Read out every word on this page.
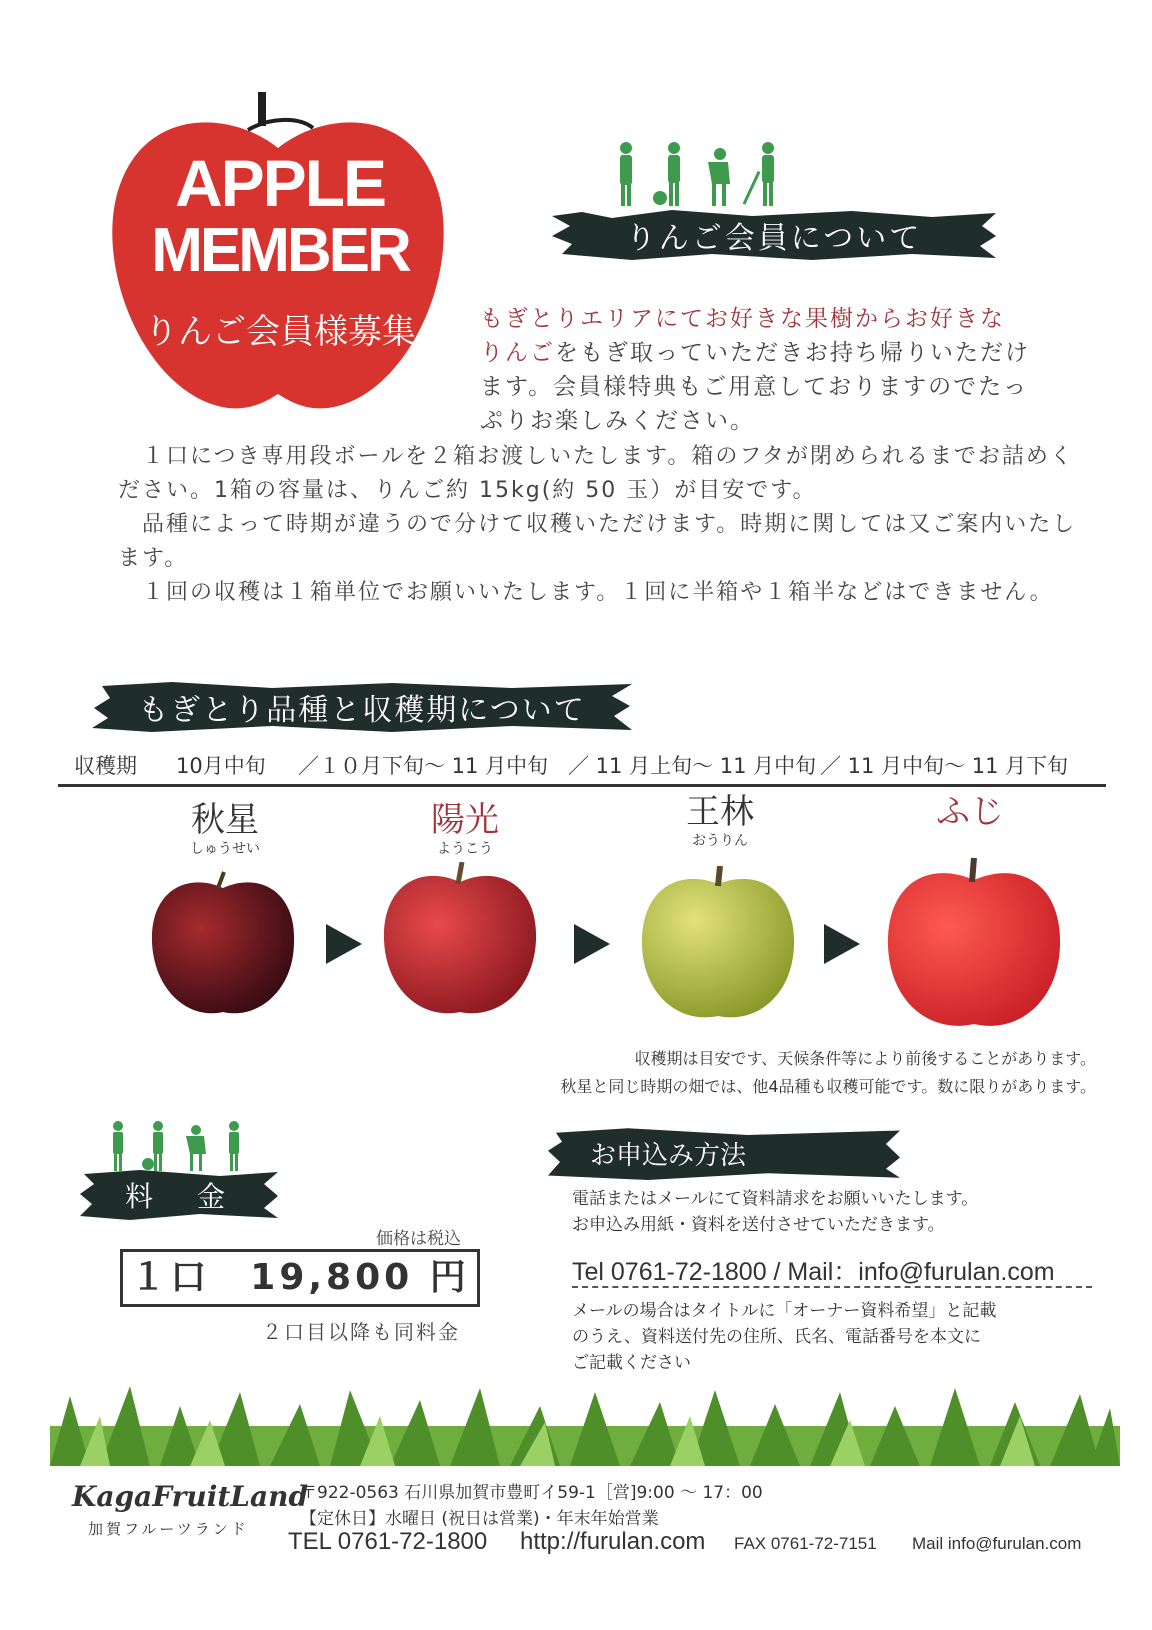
APPLE
MEMBER
りんご会員様募集
りんご会員について
もぎとりエリアにてお好きな果樹からお好きな
りんごをもぎ取っていただきお持ち帰りいただけ
ます。会員様特典もご用意しておりますのでたっ
ぷりお楽しみください。

１口につき専用段ボールを２箱お渡しいたします。箱のフタが閉められるまでお詰めください。1箱の容量は、りんご約 15kg(約 50 玉）が目安です。

品種によって時期が違うので分けて収穫いただけます。時期に関しては又ご案内いたします。

１回の収穫は１箱単位でお願いいたします。１回に半箱や１箱半などはできません。

もぎとり品種と収穫期について
収穫期 10月中旬 ／１０月下旬～ 11 月中旬 ／ 11 月上旬～ 11 月中旬 ／ 11 月中旬～ 11 月下旬
秋星
しゅうせい
陽光
ようこう
王林
おうりん
ふじ
収穫期は目安です、天候条件等により前後することがあります。
秋星と同じ時期の畑では、他4品種も収穫可能です。数に限りがあります。
料　金
価格は税込
１口　19,800 円
２口目以降も同料金
お申込み方法
電話またはメールにて資料請求をお願いいたします。
お申込み用紙・資料を送付させていただきます。
Tel 0761-72-1800 / Mail：info@furulan.com
メールの場合はタイトルに「オーナー資料希望」と記載
のうえ、資料送付先の住所、氏名、電話番号を本文に
ご記載ください
KagaFruitLand
加賀フルーツランド
〒922-0563 石川県加賀市豊町イ59-1［営]9:00 ～ 17：00
【定休日】水曜日 (祝日は営業)・年末年始営業
TEL 0761-72-1800 http://furulan.com FAX 0761-72-7151 Mail info@furulan.com
